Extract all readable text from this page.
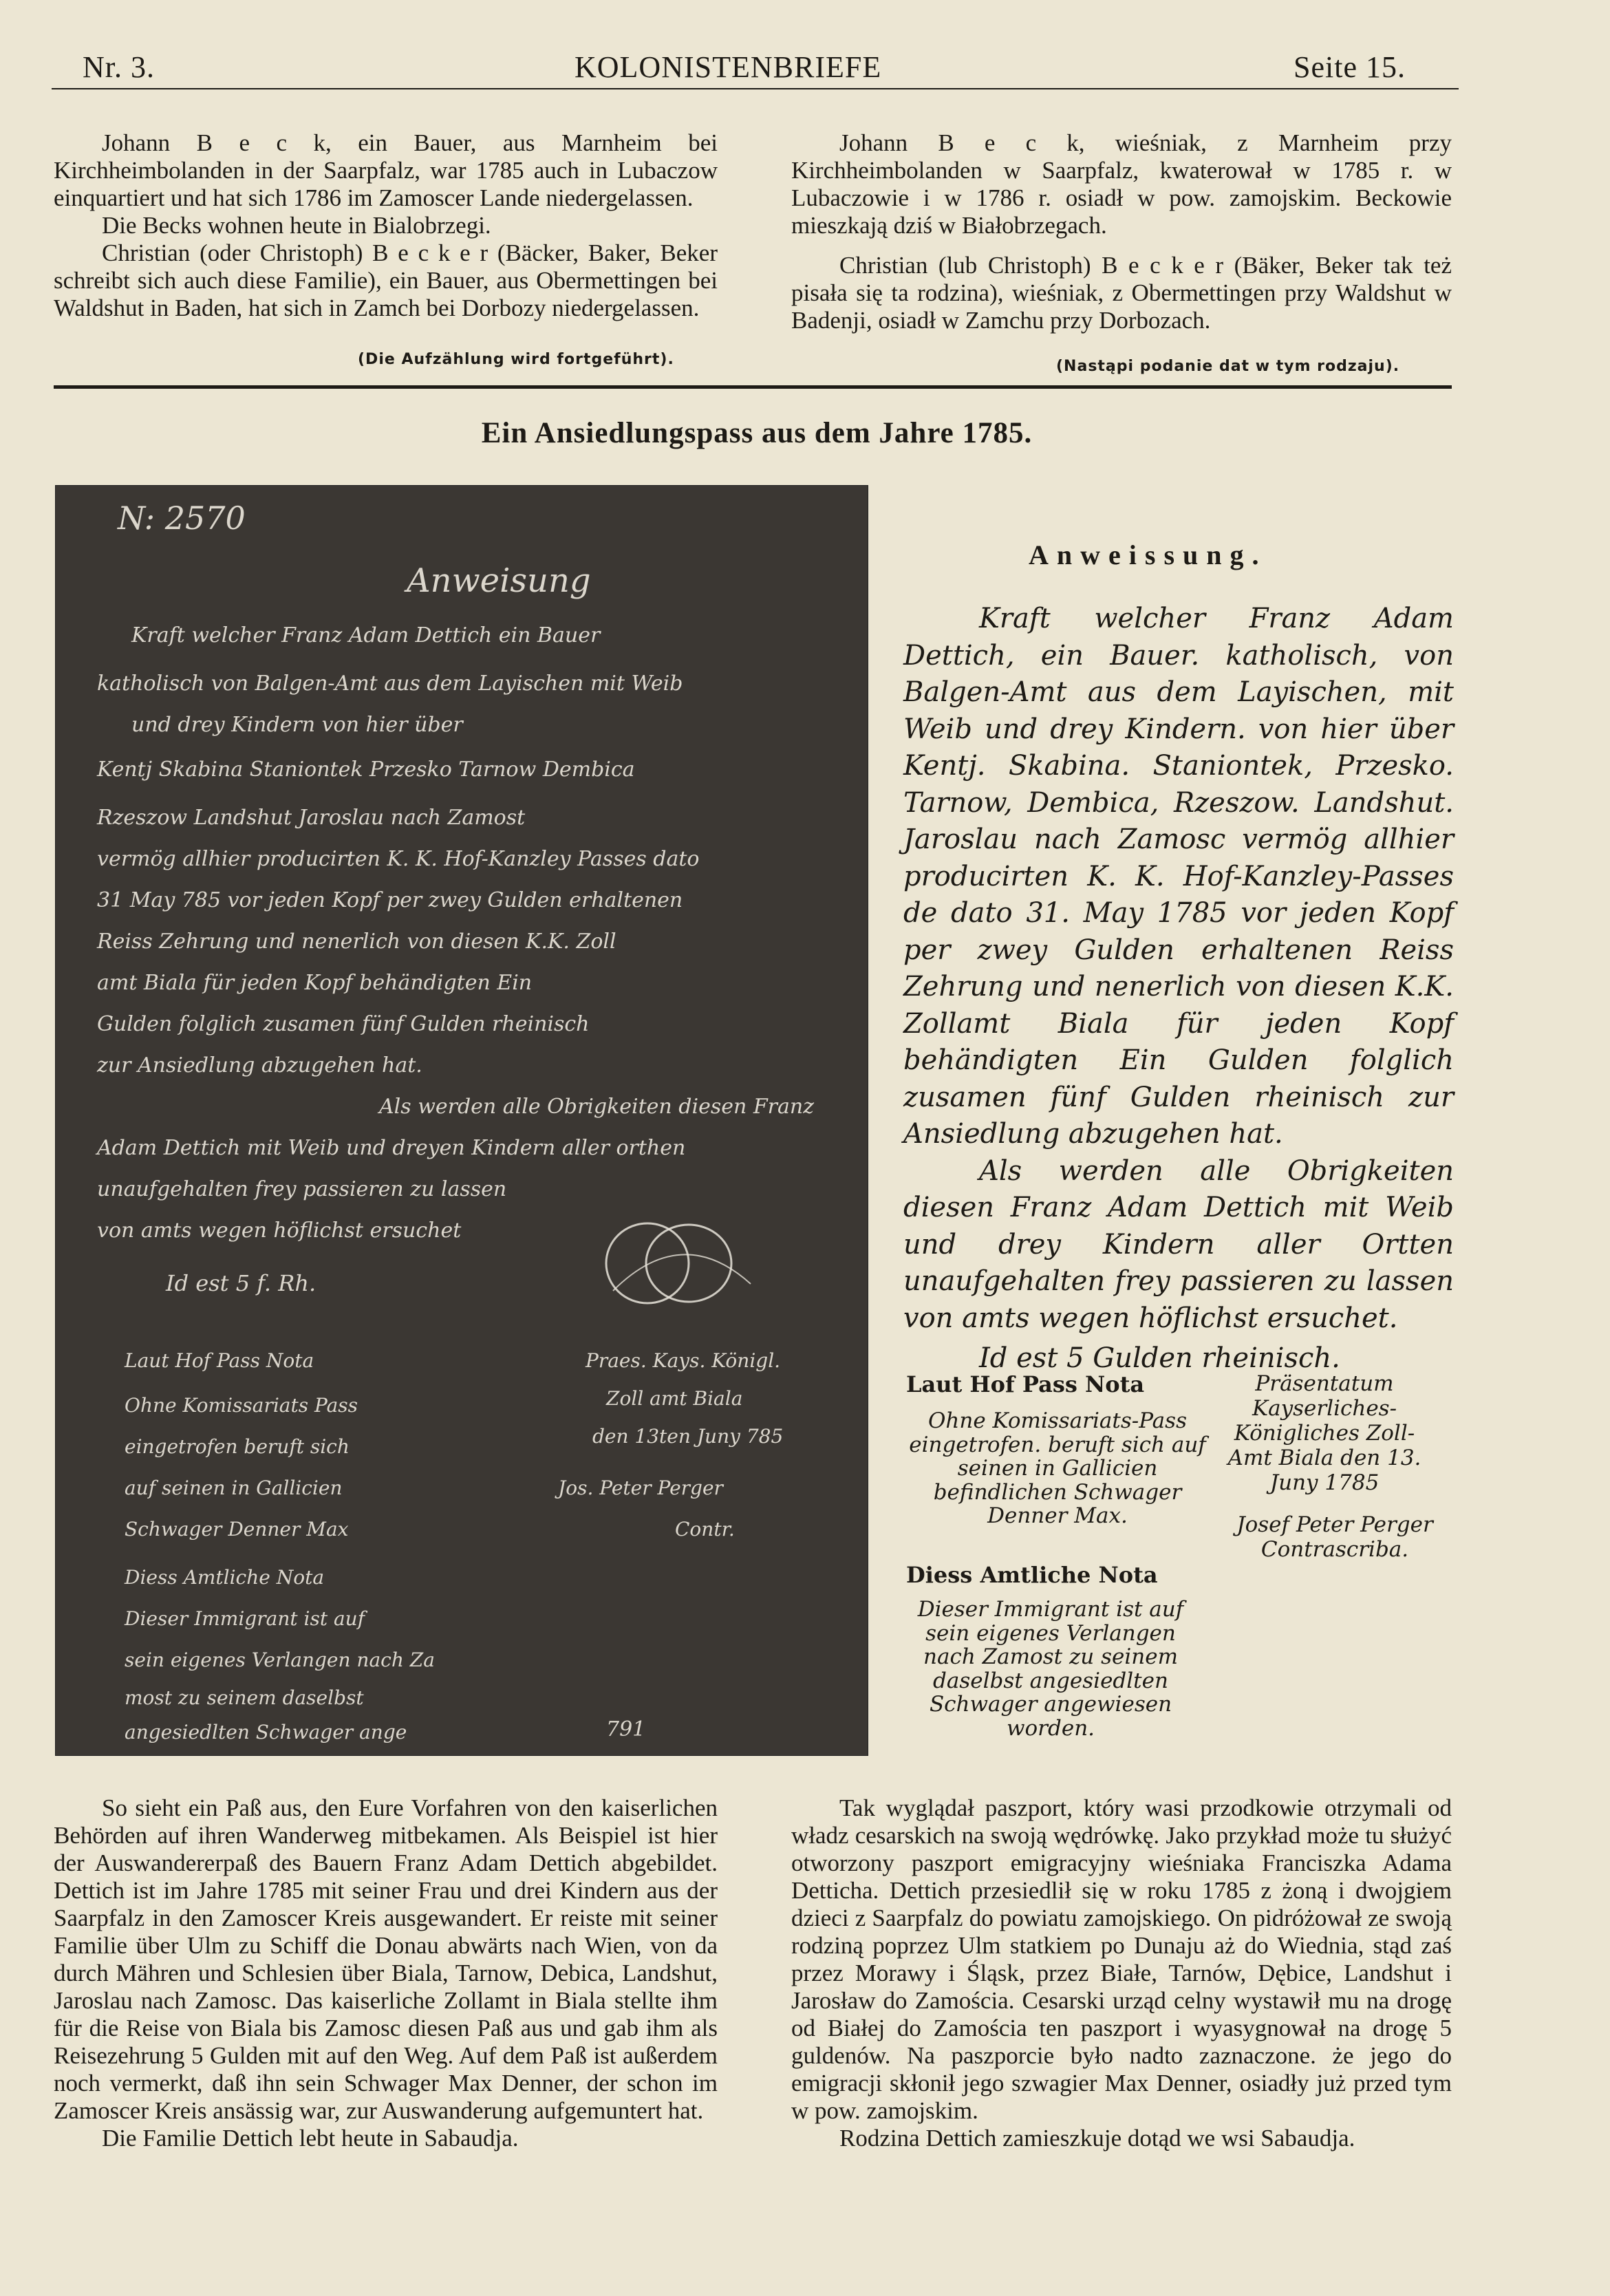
Nr. 3.	KOLONISTENBRIEFE	Seite 15.

Johann B e c k, ein Bauer, aus Marnheim bei Kirchheimbolanden in der Saarpfalz, war 1785 auch in Lubaczow einquartiert und hat sich 1786 im Zamoscer Lande niedergelassen.

Die Becks wohnen heute in Bialobrzegi.

Christian (oder Christoph) B e c k e r (Bäcker, Baker, Beker schreibt sich auch diese Familie), ein Bauer, aus Obermettingen bei Waldshut in Baden, hat sich in Zamch bei Dorbozy niedergelassen.

(Die Aufzählung wird fortgeführt).

Johann B e c k, wieśniak, z Marnheim przy Kirchheimbolanden w Saarpfalz, kwaterował w 1785 r. w Lubaczowie i w 1786 r. osiadł w pow. zamojskim. Beckowie mieszkają dziś w Białobrzegach.

Christian (lub Christoph) B e c k e r (Bäker, Beker tak też pisała się ta rodzina), wieśniak, z Obermettingen przy Waldshut w Badenji, osiadł w Zamchu przy Dorbozach.

(Nastąpi podanie dat w tym rodzaju).
Ein Ansiedlungspass aus dem Jahre 1785.
N: 2570
Anweisung
Kraft welcher Franz Adam Dettich ein Bauer
katholisch von Balgen-Amt aus dem Layischen mit Weib
und drey Kindern von hier über
Kentj Skabina Staniontek Przesko Tarnow Dembica
Rzeszow Landshut Jaroslau nach Zamost
vermög allhier producirten K. K. Hof-Kanzley Passes dato
31 May 785 vor jeden Kopf per zwey Gulden erhaltenen
Reiss Zehrung und nenerlich von diesen K.K. Zoll
amt Biala für jeden Kopf behändigten Ein
Gulden folglich zusamen fünf Gulden rheinisch
zur Ansiedlung abzugehen hat.
Als werden alle Obrigkeiten diesen Franz
Adam Dettich mit Weib und dreyen Kindern aller orthen
unaufgehalten frey passieren zu lassen
von amts wegen höflichst ersuchet
Id est 5 f. Rh.
Laut Hof Pass Nota
Ohne Komissariats Pass
eingetrofen beruft sich
auf seinen in Gallicien
Schwager Denner Max
Diess Amtliche Nota
Dieser Immigrant ist auf
sein eigenes Verlangen nach Za
most zu seinem daselbst
angesiedlten Schwager ange
Praes. Kays. Königl.
Zoll amt Biala
den 13ten Juny 785
Jos. Peter Perger
Contr.
791
Anweissung.

Kraft welcher Franz Adam Dettich, ein Bauer. katholisch, von Balgen-Amt aus dem Layischen, mit Weib und drey Kindern. von hier über Kentj. Skabina. Staniontek, Przesko. Tarnow, Dembica, Rzeszow. Landshut. Jaroslau nach Zamosc vermög allhier producirten K. K. Hof-Kanzley-Passes de dato 31. May 1785 vor jeden Kopf per zwey Gulden erhaltenen Reiss Zehrung und nenerlich von diesen K.K. Zollamt Biala für jeden Kopf behändigten Ein Gulden folglich zusamen fünf Gulden rheinisch zur Ansiedlung abzugehen hat.

Als werden alle Obrigkeiten diesen Franz Adam Dettich mit Weib und drey Kindern aller Ortten unaufgehalten frey passieren zu lassen von amts wegen höflichst ersuchet.

Id est 5 Gulden rheinisch.

Laut Hof Pass Nota
Ohne Komissariats-Pass eingetrofen. beruft sich auf seinen in Gallicien befindlichen Schwager Denner Max.
Diess Amtliche Nota
Dieser Immigrant ist auf sein eigenes Verlangen nach Zamost zu seinem daselbst angesiedlten Schwager angewiesen worden.
Präsentatum Kayserliches-Königliches Zoll-Amt Biala den 13. Juny 1785
Josef Peter Perger Contrascriba.

So sieht ein Paß aus, den Eure Vorfahren von den kaiserlichen Behörden auf ihren Wanderweg mitbekamen. Als Beispiel ist hier der Auswandererpaß des Bauern Franz Adam Dettich abgebildet. Dettich ist im Jahre 1785 mit seiner Frau und drei Kindern aus der Saarpfalz in den Zamoscer Kreis ausgewandert. Er reiste mit seiner Familie über Ulm zu Schiff die Donau abwärts nach Wien, von da durch Mähren und Schlesien über Biala, Tarnow, Debica, Landshut, Jaroslau nach Zamosc. Das kaiserliche Zollamt in Biala stellte ihm für die Reise von Biala bis Zamosc diesen Paß aus und gab ihm als Reisezehrung 5 Gulden mit auf den Weg. Auf dem Paß ist außerdem noch vermerkt, daß ihn sein Schwager Max Denner, der schon im Zamoscer Kreis ansässig war, zur Auswanderung aufgemuntert hat.

Die Familie Dettich lebt heute in Sabaudja.

Tak wyglądał paszport, który wasi przodkowie otrzymali od władz cesarskich na swoją wędrówkę. Jako przykład może tu służyć otworzony paszport emigracyjny wieśniaka Franciszka Adama Detticha. Dettich przesiedlił się w roku 1785 z żoną i dwojgiem dzieci z Saarpfalz do powiatu zamojskiego. On pidróżował ze swoją rodziną poprzez Ulm statkiem po Dunaju aż do Wiednia, stąd zaś przez Morawy i Śląsk, przez Białe, Tarnów, Dębice, Landshut i Jarosław do Zamościa. Cesarski urząd celny wystawił mu na drogę od Białej do Zamościa ten paszport i wyasygnował na drogę 5 guldenów. Na paszporcie było nadto zaznaczone. że jego do emigracji skłonił jego szwagier Max Denner, osiadły już przed tym w pow. zamojskim.

Rodzina Dettich zamieszkuje dotąd we wsi Sabaudja.
